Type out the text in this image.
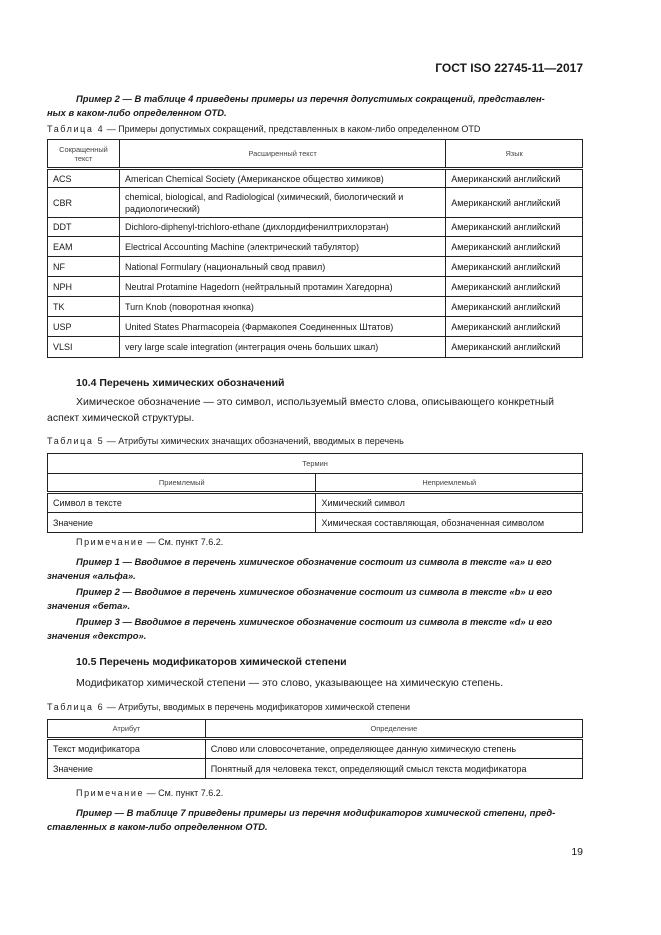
ГОСТ ISO 22745-11—2017
Пример 2 — В таблице 4 приведены примеры из перечня допустимых сокращений, представлен-
ных в каком-либо определенном OTD.
Таблица 4 — Примеры допустимых сокращений, представленных в каком-либо определенном OTD
Сокращенный текст	Расширенный текст	Язык
ACS	American Chemical Society (Американское общество химиков)	Американский английский
CBR	chemical, biological, and Radiological (химический, биологический и радиологический)	Американский английский
DDT	Dichloro-diphenyl-trichloro-ethane (дихлордифенилтрихлорэтан)	Американский английский
EAM	Electrical Accounting Machine (электрический табулятор)	Американский английский
NF	National Formulary (национальный свод правил)	Американский английский
NPH	Neutral Protamine Hagedorn (нейтральный протамин Хагедорна)	Американский английский
TK	Turn Knob (поворотная кнопка)	Американский английский
USP	United States Pharmacopeia (Фармакопея Соединенных Штатов)	Американский английский
VLSI	very large scale integration (интеграция очень больших шкал)	Американский английский
10.4 Перечень химических обозначений
Химическое обозначение — это символ, используемый вместо слова, описывающего конкретный
аспект химической структуры.
Таблица 5 — Атрибуты химических значащих обозначений, вводимых в перечень
Термин	
Приемлемый	Неприемлемый
Символ в тексте	Химический символ
Значение	Химическая составляющая, обозначенная символом
Примечание — См. пункт 7.6.2.
Пример 1 — Вводимое в перечень химическое обозначение состоит из символа в тексте «a» и его
значения «альфа».
Пример 2 — Вводимое в перечень химическое обозначение состоит из символа в тексте «b» и его
значения «бета».
Пример 3 — Вводимое в перечень химическое обозначение состоит из символа в тексте «d» и его
значения «декстро».
10.5 Перечень модификаторов химической степени
Модификатор химической степени — это слово, указывающее на химическую степень.
Таблица 6 — Атрибуты, вводимых в перечень модификаторов химической степени
Атрибут	Определение
Текст модификатора	Слово или словосочетание, определяющее данную химическую степень
Значение	Понятный для человека текст, определяющий смысл текста модификатора
Примечание — См. пункт 7.6.2.
Пример — В таблице 7 приведены примеры из перечня модификаторов химической степени, пред-
ставленных в каком-либо определенном OTD.
19
